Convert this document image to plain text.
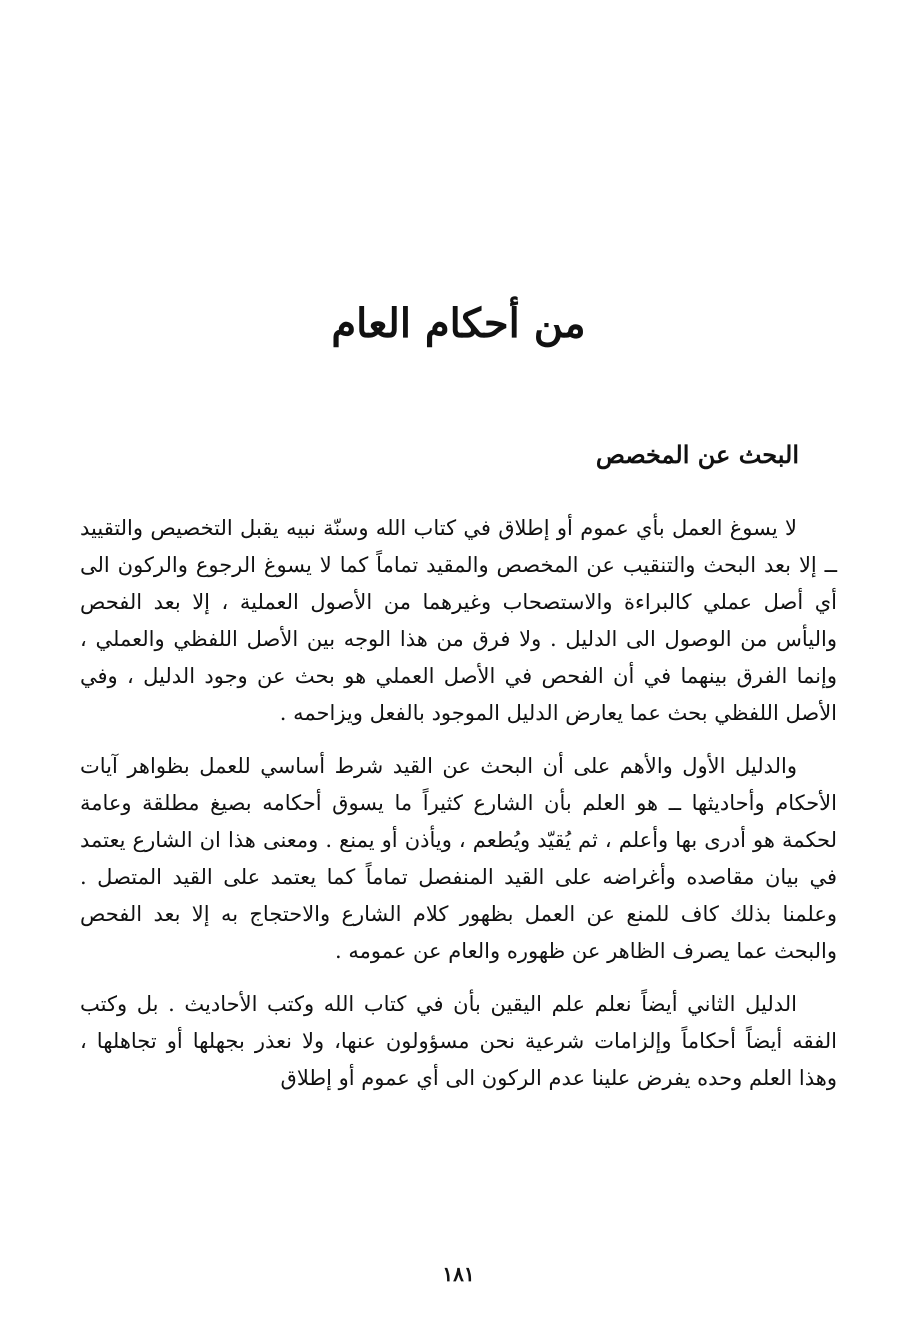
من أحكام العام
البحث عن المخصص

لا يسوغ العمل بأي عموم أو إطلاق في كتاب الله وسنّة نبيه يقبل التخصيص والتقييد ــ إلا بعد البحث والتنقيب عن المخصص والمقيد تماماً كما لا يسوغ الرجوع والركون الى أي أصل عملي كالبراءة والاستصحاب وغيرهما من الأصول العملية ، إلا بعد الفحص واليأس من الوصول الى الدليل . ولا فرق من هذا الوجه بين الأصل اللفظي والعملي ، وإنما الفرق بينهما في أن الفحص في الأصل العملي هو بحث عن وجود الدليل ، وفي الأصل اللفظي بحث عما يعارض الدليل الموجود بالفعل ويزاحمه .

والدليل الأول والأهم على أن البحث عن القيد شرط أساسي للعمل بظواهر آيات الأحكام وأحاديثها ــ هو العلم بأن الشارع كثيراً ما يسوق أحكامه بصيغ مطلقة وعامة لحكمة هو أدرى بها وأعلم ، ثم يُقيّد ويُطعم ، ويأذن أو يمنع . ومعنى هذا ان الشارع يعتمد في بيان مقاصده وأغراضه على القيد المنفصل تماماً كما يعتمد على القيد المتصل . وعلمنا بذلك كاف للمنع عن العمل بظهور كلام الشارع والاحتجاج به إلا بعد الفحص والبحث عما يصرف الظاهر عن ظهوره والعام عن عمومه .

الدليل الثاني أيضاً نعلم علم اليقين بأن في كتاب الله وكتب الأحاديث . بل وكتب الفقه أيضاً أحكاماً وإلزامات شرعية نحن مسؤولون عنها، ولا نعذر بجهلها أو تجاهلها ، وهذا العلم وحده يفرض علينا عدم الركون الى أي عموم أو إطلاق

١٨١
